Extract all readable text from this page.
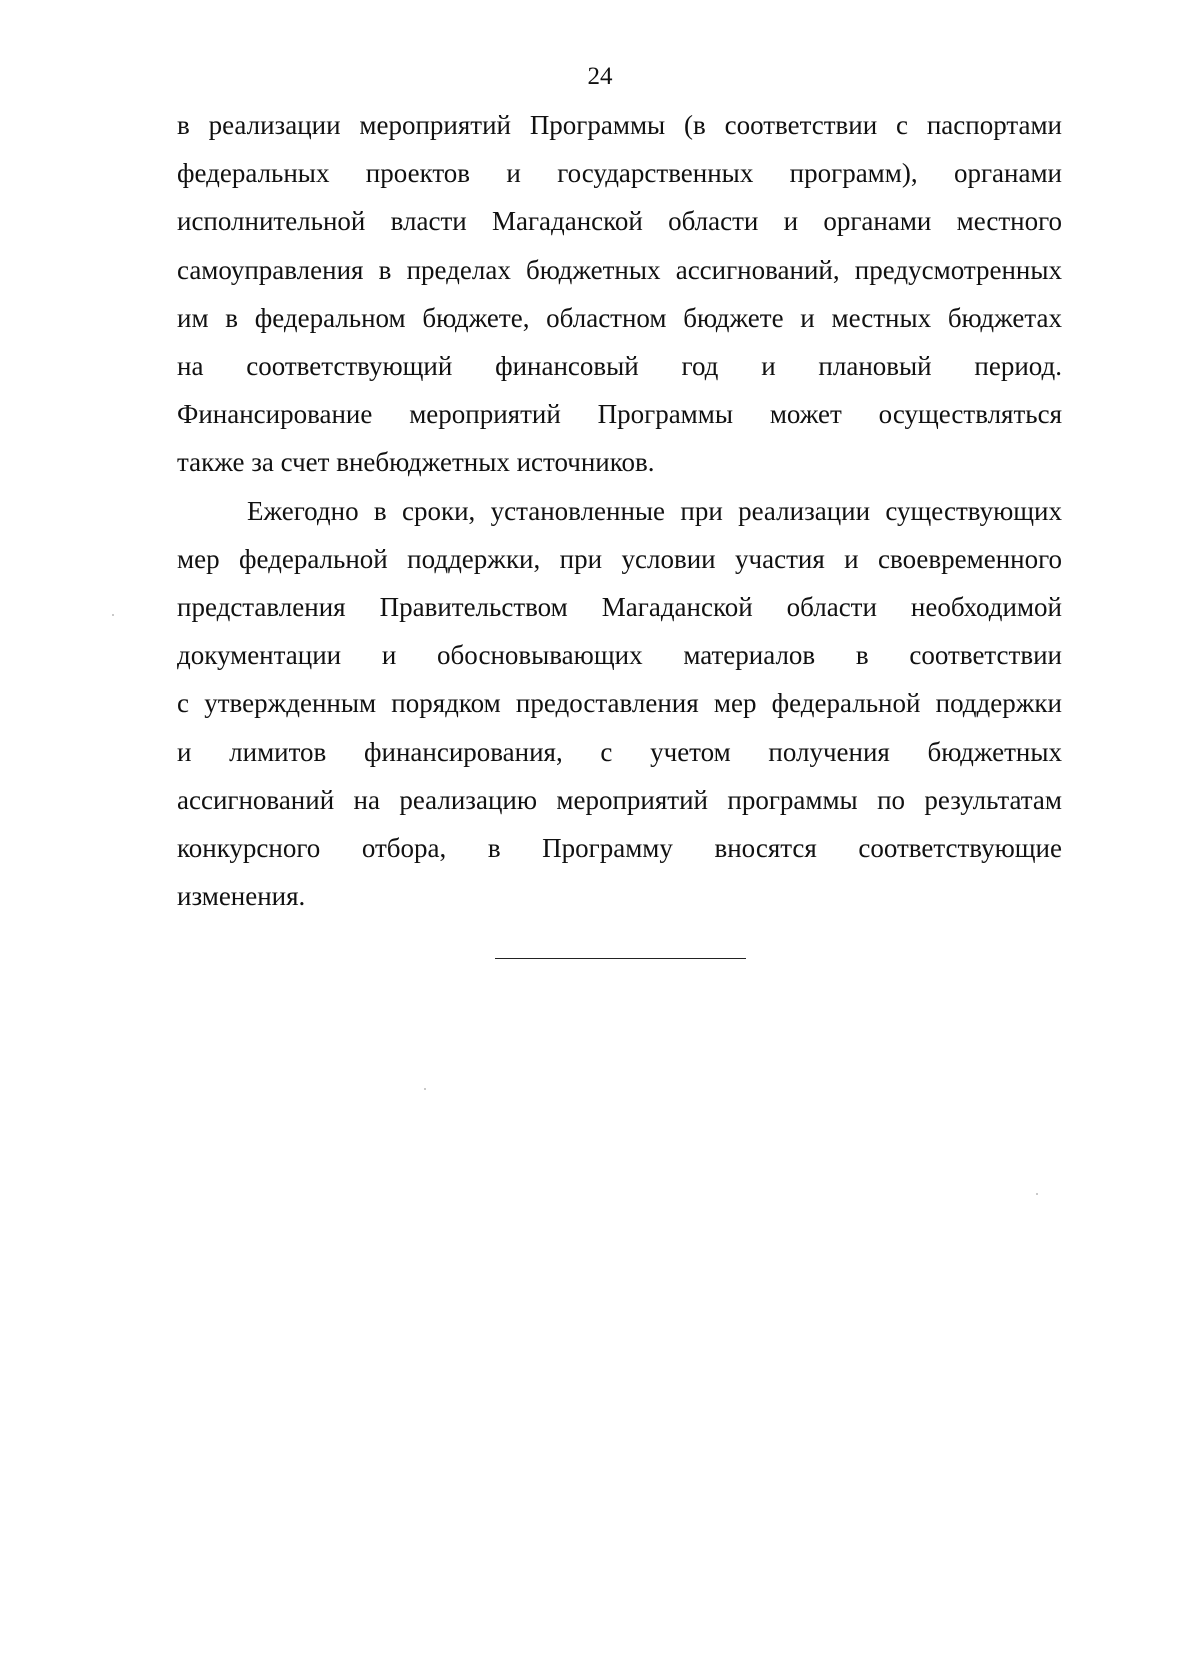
24
в реализации мероприятий Программы (в соответствии с паспортами
федеральных проектов и государственных программ), органами
исполнительной власти Магаданской области и органами местного
самоуправления в пределах бюджетных ассигнований, предусмотренных
им в федеральном бюджете, областном бюджете и местных бюджетах
на соответствующий финансовый год и плановый период.
Финансирование мероприятий Программы может осуществляться
также за счет внебюджетных источников.
Ежегодно в сроки, установленные при реализации существующих
мер федеральной поддержки, при условии участия и своевременного
представления Правительством Магаданской области необходимой
документации и обосновывающих материалов в соответствии
с утвержденным порядком предоставления мер федеральной поддержки
и лимитов финансирования, с учетом получения бюджетных
ассигнований на реализацию мероприятий программы по результатам
конкурсного отбора, в Программу вносятся соответствующие
изменения.
